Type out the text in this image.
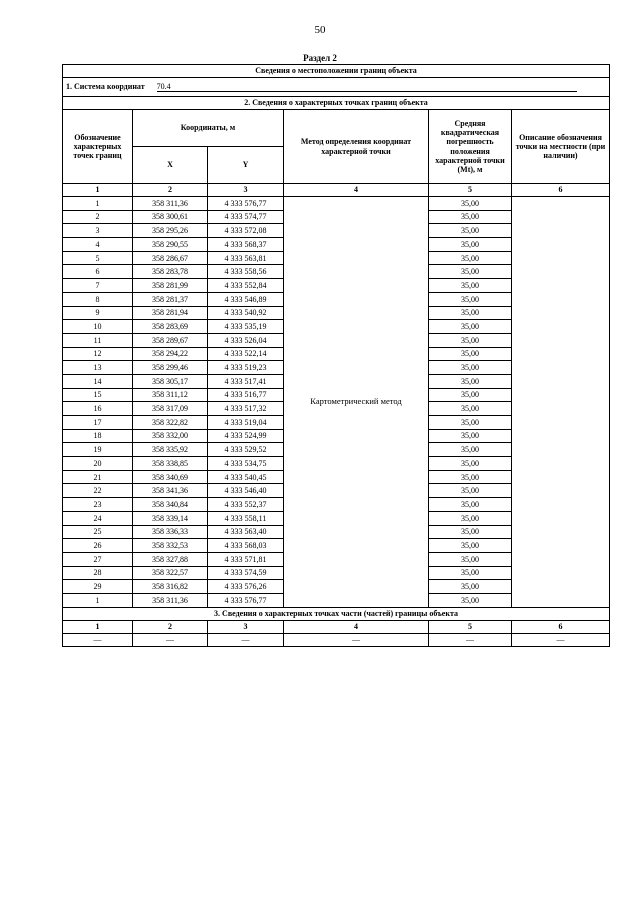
50
Раздел 2
Сведения о местоположении границ объекта					
1. Система координат 70.4					
2. Сведения о характерных точках границ объекта					
Обозначение характерных точек границ	Координаты, м		Метод определения координат характерной точки	Средняя квадратическая погрешность положения характерной точки (Mt), м	Описание обозначения точки на местности (при наличии)
	X	Y			
1	2	3	4	5	6
1	358 311,36	4 333 576,77	Картометрический метод	35,00	
2	358 300,61	4 333 574,77		35,00	
3	358 295,26	4 333 572,08		35,00	
4	358 290,55	4 333 568,37		35,00	
5	358 286,67	4 333 563,81		35,00	
6	358 283,78	4 333 558,56		35,00	
7	358 281,99	4 333 552,84		35,00	
8	358 281,37	4 333 546,89		35,00	
9	358 281,94	4 333 540,92		35,00	
10	358 283,69	4 333 535,19		35,00	
11	358 289,67	4 333 526,04		35,00	
12	358 294,22	4 333 522,14		35,00	
13	358 299,46	4 333 519,23		35,00	
14	358 305,17	4 333 517,41		35,00	
15	358 311,12	4 333 516,77		35,00	
16	358 317,09	4 333 517,32		35,00	
17	358 322,82	4 333 519,04		35,00	
18	358 332,00	4 333 524,99		35,00	
19	358 335,92	4 333 529,52		35,00	
20	358 338,85	4 333 534,75		35,00	
21	358 340,69	4 333 540,45		35,00	
22	358 341,36	4 333 546,40		35,00	
23	358 340,84	4 333 552,37		35,00	
24	358 339,14	4 333 558,11		35,00	
25	358 336,33	4 333 563,40		35,00	
26	358 332,53	4 333 568,03		35,00	
27	358 327,88	4 333 571,81		35,00	
28	358 322,57	4 333 574,59		35,00	
29	358 316,82	4 333 576,26		35,00	
1	358 311,36	4 333 576,77		35,00	
3. Сведения о характерных точках части (частей) границы объекта					
1	2	3	4	5	6
—	—	—	—	—	—
